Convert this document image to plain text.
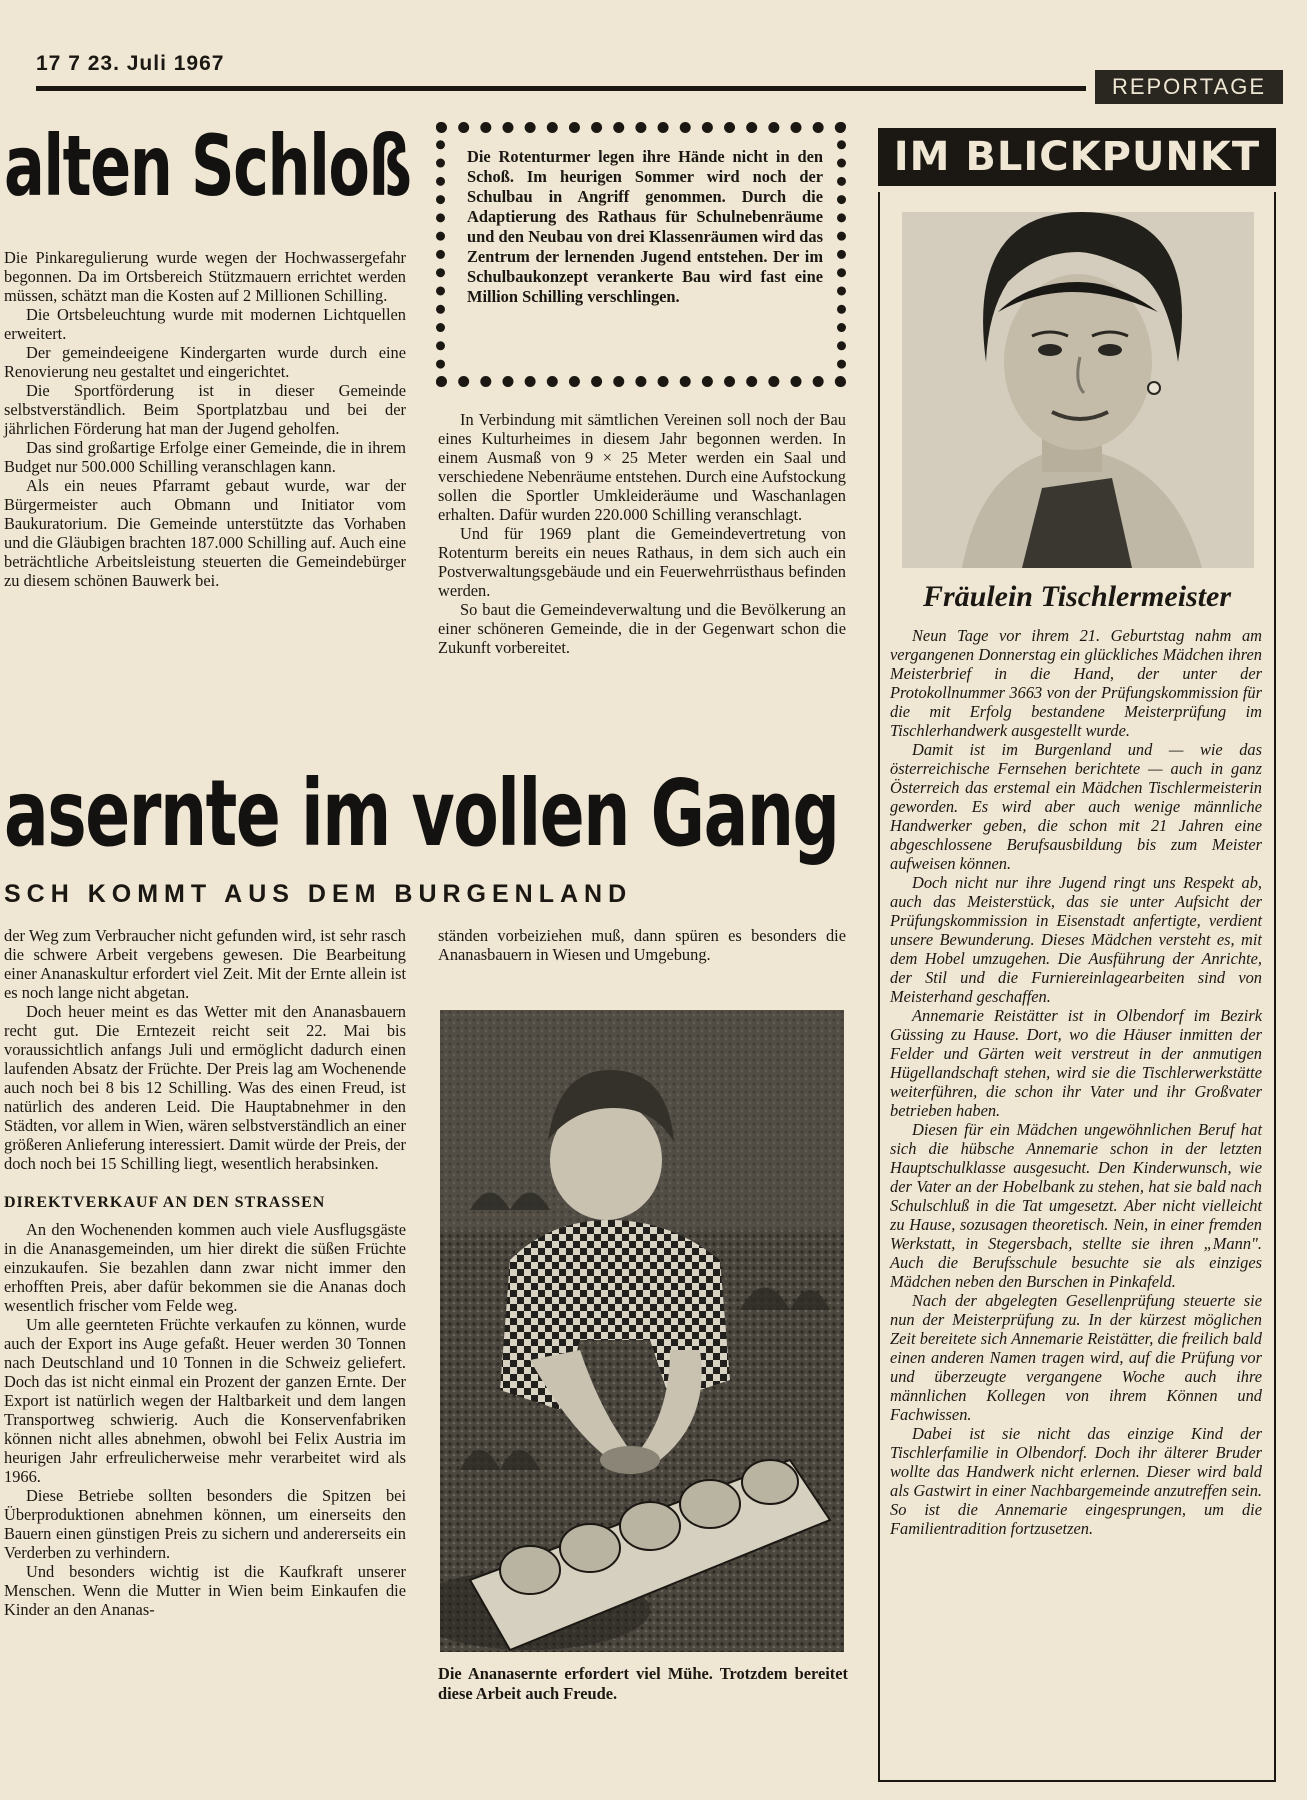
17 7 23. Juli 1967
REPORTAGE
alten Schloß

Die Pinkaregulierung wurde wegen der Hochwassergefahr begonnen. Da im Ortsbereich Stützmauern errichtet werden müssen, schätzt man die Kosten auf 2 Millionen Schilling.

Die Ortsbeleuchtung wurde mit modernen Lichtquellen erweitert.

Der gemeindeeigene Kindergarten wurde durch eine Renovierung neu gestaltet und eingerichtet.

Die Sportförderung ist in dieser Gemeinde selbstverständlich. Beim Sportplatzbau und bei der jährlichen Förderung hat man der Jugend geholfen.

Das sind großartige Erfolge einer Gemeinde, die in ihrem Budget nur 500.000 Schilling veranschlagen kann.

Als ein neues Pfarramt gebaut wurde, war der Bürgermeister auch Obmann und Initiator vom Baukuratorium. Die Gemeinde unterstützte das Vorhaben und die Gläubigen brachten 187.000 Schilling auf. Auch eine beträchtliche Arbeitsleistung steuerten die Gemeindebürger zu diesem schönen Bauwerk bei.

Die Rotenturmer legen ihre Hände nicht in den Schoß. Im heurigen Sommer wird noch der Schulbau in Angriff genommen. Durch die Adaptierung des Rathaus für Schulnebenräume und den Neubau von drei Klassenräumen wird das Zentrum der lernenden Jugend entstehen. Der im Schulbaukonzept verankerte Bau wird fast eine Million Schilling verschlingen.

In Verbindung mit sämtlichen Vereinen soll noch der Bau eines Kulturheimes in diesem Jahr begonnen werden. In einem Ausmaß von 9 × 25 Meter werden ein Saal und verschiedene Nebenräume entstehen. Durch eine Aufstockung sollen die Sportler Umkleideräume und Waschanlagen erhalten. Dafür wurden 220.000 Schilling veranschlagt.

Und für 1969 plant die Gemeindevertretung von Rotenturm bereits ein neues Rathaus, in dem sich auch ein Postverwaltungsgebäude und ein Feuerwehrrüsthaus befinden werden.

So baut die Gemeindeverwaltung und die Bevölkerung an einer schöneren Gemeinde, die in der Gegenwart schon die Zukunft vorbereitet.

asernte im vollen Gang
SCH KOMMT AUS DEM BURGENLAND

der Weg zum Verbraucher nicht gefunden wird, ist sehr rasch die schwere Arbeit vergebens gewesen. Die Bearbeitung einer Ananaskultur erfordert viel Zeit. Mit der Ernte allein ist es noch lange nicht abgetan.

Doch heuer meint es das Wetter mit den Ananasbauern recht gut. Die Erntezeit reicht seit 22. Mai bis voraussichtlich anfangs Juli und ermöglicht dadurch einen laufenden Absatz der Früchte. Der Preis lag am Wochenende auch noch bei 8 bis 12 Schilling. Was des einen Freud, ist natürlich des anderen Leid. Die Hauptabnehmer in den Städten, vor allem in Wien, wären selbstverständlich an einer größeren Anlieferung interessiert. Damit würde der Preis, der doch noch bei 15 Schilling liegt, wesentlich herabsinken.

DIREKTVERKAUF AN DEN STRASSEN

An den Wochenenden kommen auch viele Ausflugsgäste in die Ananasgemeinden, um hier direkt die süßen Früchte einzukaufen. Sie bezahlen dann zwar nicht immer den erhofften Preis, aber dafür bekommen sie die Ananas doch wesentlich frischer vom Felde weg.

Um alle geernteten Früchte verkaufen zu können, wurde auch der Export ins Auge gefaßt. Heuer werden 30 Tonnen nach Deutschland und 10 Tonnen in die Schweiz geliefert. Doch das ist nicht einmal ein Prozent der ganzen Ernte. Der Export ist natürlich wegen der Haltbarkeit und dem langen Transportweg schwierig. Auch die Konservenfabriken können nicht alles abnehmen, obwohl bei Felix Austria im heurigen Jahr erfreulicherweise mehr verarbeitet wird als 1966.

Diese Betriebe sollten besonders die Spitzen bei Überproduktionen abnehmen können, um einerseits den Bauern einen günstigen Preis zu sichern und andererseits ein Verderben zu verhindern.

Und besonders wichtig ist die Kaufkraft unserer Menschen. Wenn die Mutter in Wien beim Einkaufen die Kinder an den Ananas-

ständen vorbeiziehen muß, dann spüren es besonders die Ananasbauern in Wiesen und Umgebung.

Die Ananasernte erfordert viel Mühe. Trotzdem bereitet diese Arbeit auch Freude.
IM BLICKPUNKT
Fräulein Tischlermeister

Neun Tage vor ihrem 21. Geburtstag nahm am vergangenen Donnerstag ein glückliches Mädchen ihren Meisterbrief in die Hand, der unter der Protokollnummer 3663 von der Prüfungskommission für die mit Erfolg bestandene Meisterprüfung im Tischlerhandwerk ausgestellt wurde.

Damit ist im Burgenland und — wie das österreichische Fernsehen berichtete — auch in ganz Österreich das erstemal ein Mädchen Tischlermeisterin geworden. Es wird aber auch wenige männliche Handwerker geben, die schon mit 21 Jahren eine abgeschlossene Berufsausbildung bis zum Meister aufweisen können.

Doch nicht nur ihre Jugend ringt uns Respekt ab, auch das Meisterstück, das sie unter Aufsicht der Prüfungskommission in Eisenstadt anfertigte, verdient unsere Bewunderung. Dieses Mädchen versteht es, mit dem Hobel umzugehen. Die Ausführung der Anrichte, der Stil und die Furniereinlagearbeiten sind von Meisterhand geschaffen.

Annemarie Reistätter ist in Olbendorf im Bezirk Güssing zu Hause. Dort, wo die Häuser inmitten der Felder und Gärten weit verstreut in der anmutigen Hügellandschaft stehen, wird sie die Tischlerwerkstätte weiterführen, die schon ihr Vater und ihr Großvater betrieben haben.

Diesen für ein Mädchen ungewöhnlichen Beruf hat sich die hübsche Annemarie schon in der letzten Hauptschulklasse ausgesucht. Den Kinderwunsch, wie der Vater an der Hobelbank zu stehen, hat sie bald nach Schulschluß in die Tat umgesetzt. Aber nicht vielleicht zu Hause, sozusagen theoretisch. Nein, in einer fremden Werkstatt, in Stegersbach, stellte sie ihren „Mann". Auch die Berufsschule besuchte sie als einziges Mädchen neben den Burschen in Pinkafeld.

Nach der abgelegten Gesellenprüfung steuerte sie nun der Meisterprüfung zu. In der kürzest möglichen Zeit bereitete sich Annemarie Reistätter, die freilich bald einen anderen Namen tragen wird, auf die Prüfung vor und überzeugte vergangene Woche auch ihre männlichen Kollegen von ihrem Können und Fachwissen.

Dabei ist sie nicht das einzige Kind der Tischlerfamilie in Olbendorf. Doch ihr älterer Bruder wollte das Handwerk nicht erlernen. Dieser wird bald als Gastwirt in einer Nachbargemeinde anzutreffen sein. So ist die Annemarie eingesprungen, um die Familientradition fortzusetzen.
